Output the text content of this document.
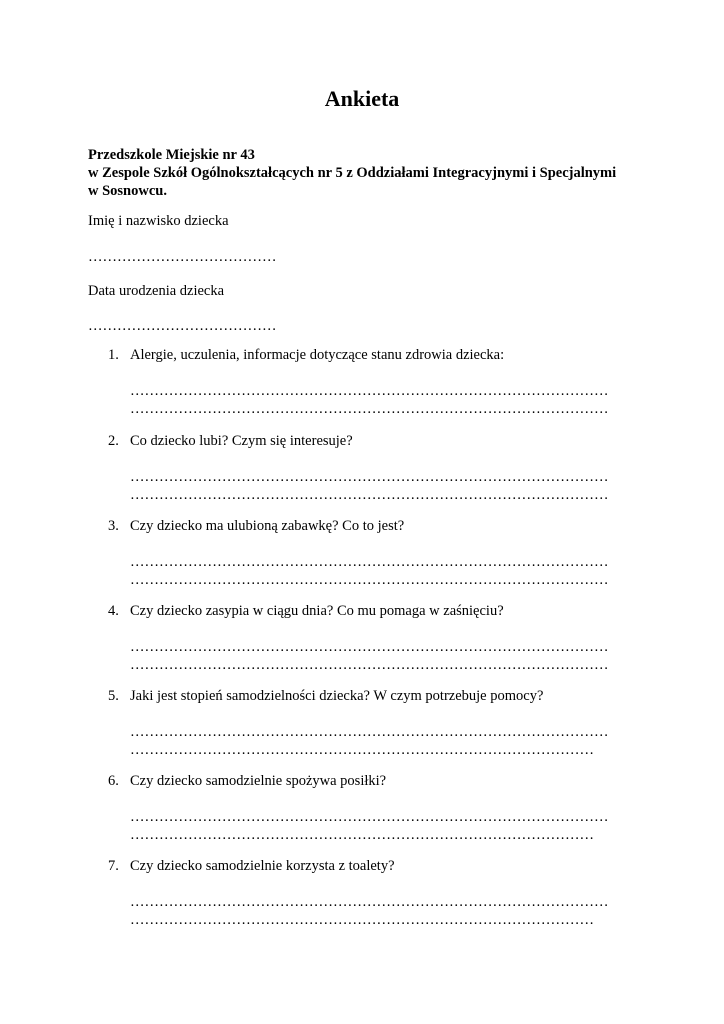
Ankieta
Przedszkole Miejskie nr 43
w Zespole Szkół Ogólnokształcących nr 5 z Oddziałami Integracyjnymi i Specjalnymi
w Sosnowcu.
Imię i nazwisko dziecka
…………………………………
Data urodzenia dziecka
…………………………………
1. Alergie, uczulenia, informacje dotyczące stanu zdrowia dziecka:
………………………………………………………………………………………
………………………………………………………………………………………
2. Co dziecko lubi? Czym się interesuje?
………………………………………………………………………………………
………………………………………………………………………………………
3. Czy dziecko ma ulubioną zabawkę? Co to jest?
………………………………………………………………………………………
………………………………………………………………………………………
4. Czy dziecko zasypia w ciągu dnia? Co mu pomaga w zaśnięciu?
………………………………………………………………………………………
………………………………………………………………………………………
5. Jaki jest stopień samodzielności dziecka? W czym potrzebuje pomocy?
………………………………………………………………………………………
……………………………………………………………………………………
6. Czy dziecko samodzielnie spożywa posiłki?
………………………………………………………………………………………
……………………………………………………………………………………
7. Czy dziecko samodzielnie korzysta z toalety?
………………………………………………………………………………………
……………………………………………………………………………………
